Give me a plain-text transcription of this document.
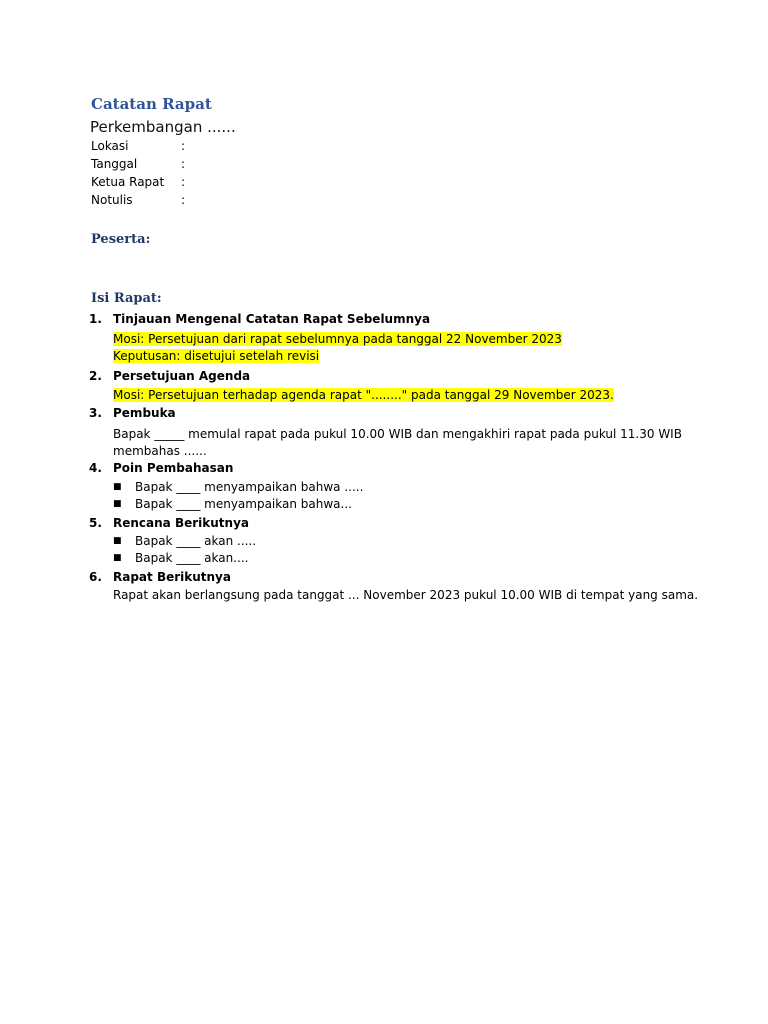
Catatan Rapat
Perkembangan ......
Lokasi	:
Tanggal	:
Ketua Rapat :
Notulis	:
Peserta:
Isi Rapat:
1. Tinjauan Mengenal Catatan Rapat Sebelumnya
Mosi: Persetujuan dari rapat sebelumnya pada tanggal 22 November 2023
Keputusan: disetujui setelah revisi
2. Persetujuan Agenda
Mosi: Persetujuan terhadap agenda rapat "........" pada tanggal 29 November 2023.
3. Pembuka
Bapak _____ memulal rapat pada pukul 10.00 WIB dan mengakhiri rapat pada pukul 11.30 WIB
membahas ......
4. Poin Pembahasan
■ Bapak ____ menyampaikan bahwa .....
■ Bapak ____ menyampaikan bahwa...
5. Rencana Berikutnya
■ Bapak ____ akan .....
■ Bapak ____ akan....
6. Rapat Berikutnya
Rapat akan berlangsung pada tanggat ... November 2023 pukul 10.00 WIB di tempat yang sama.
